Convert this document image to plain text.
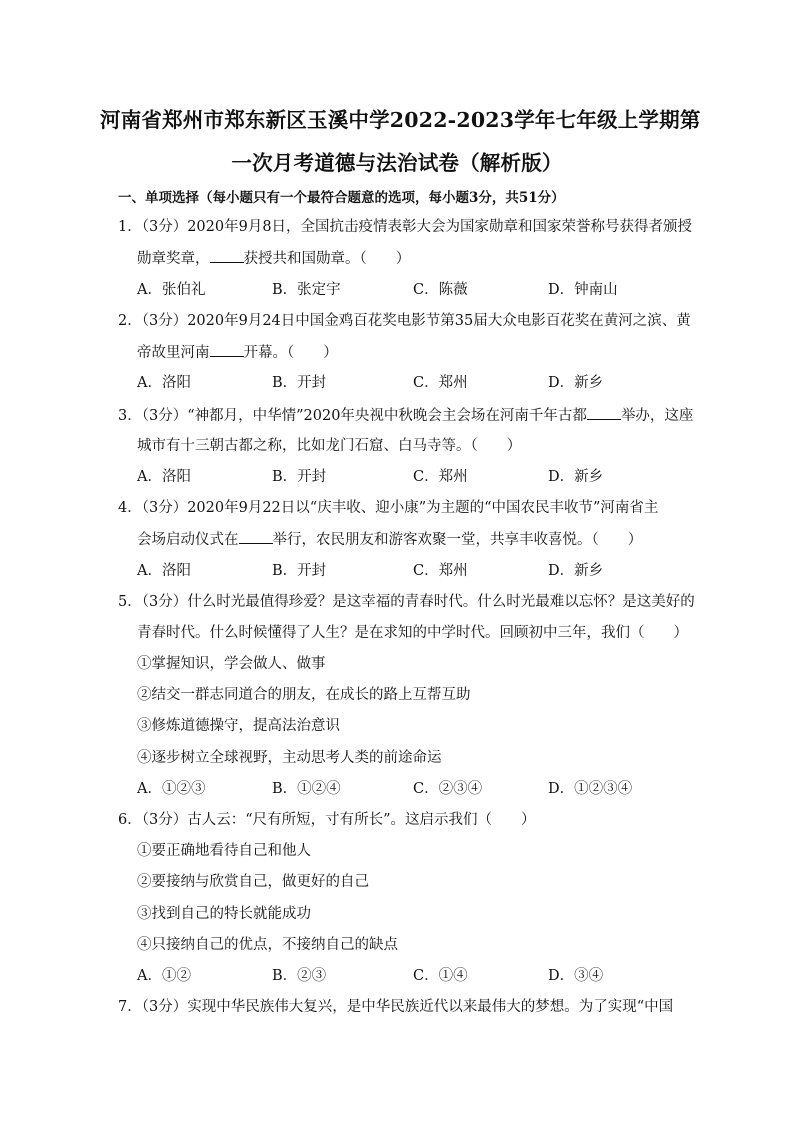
河南省郑州市郑东新区玉溪中学2022-2023学年七年级上学期第
一次月考道德与法治试卷（解析版）
一、单项选择（每小题只有一个最符合题意的选项，每小题3分，共51分）
1．（3分）2020年9月8日，全国抗击疫情表彰大会为国家勋章和国家荣誉称号获得者颁授
勋章奖章， 获授共和国勋章。（　　）
A．张伯礼	B．张定宇	C．陈薇	D．钟南山
2．（3分）2020年9月24日中国金鸡百花奖电影节第35届大众电影百花奖在黄河之滨、黄
帝故里河南 开幕。（　　）
A．洛阳	B．开封	C．郑州	D．新乡
3．（3分）“神都月，中华情”2020年央视中秋晚会主会场在河南千年古都 举办，这座
城市有十三朝古都之称，比如龙门石窟、白马寺等。（　　）
A．洛阳	B．开封	C．郑州	D．新乡
4．（3分）2020年9月22日以“庆丰收、迎小康”为主题的“中国农民丰收节”河南省主
会场启动仪式在 举行，农民朋友和游客欢聚一堂，共享丰收喜悦。（　　）
A．洛阳	B．开封	C．郑州	D．新乡
5．（3分）什么时光最值得珍爱？是这幸福的青春时代。什么时光最难以忘怀？是这美好的
青春时代。什么时候懂得了人生？是在求知的中学时代。回顾初中三年，我们（　　）
①掌握知识，学会做人、做事
②结交一群志同道合的朋友，在成长的路上互帮互助
③修炼道德操守，提高法治意识
④逐步树立全球视野，主动思考人类的前途命运
A．①②③	B．①②④	C．②③④	D．①②③④
6．（3分）古人云：“尺有所短，寸有所长”。这启示我们（　　）
①要正确地看待自己和他人
②要接纳与欣赏自己，做更好的自己
③找到自己的特长就能成功
④只接纳自己的优点，不接纳自己的缺点
A．①②	B．②③	C．①④	D．③④
7．（3分）实现中华民族伟大复兴，是中华民族近代以来最伟大的梦想。为了实现“中国
